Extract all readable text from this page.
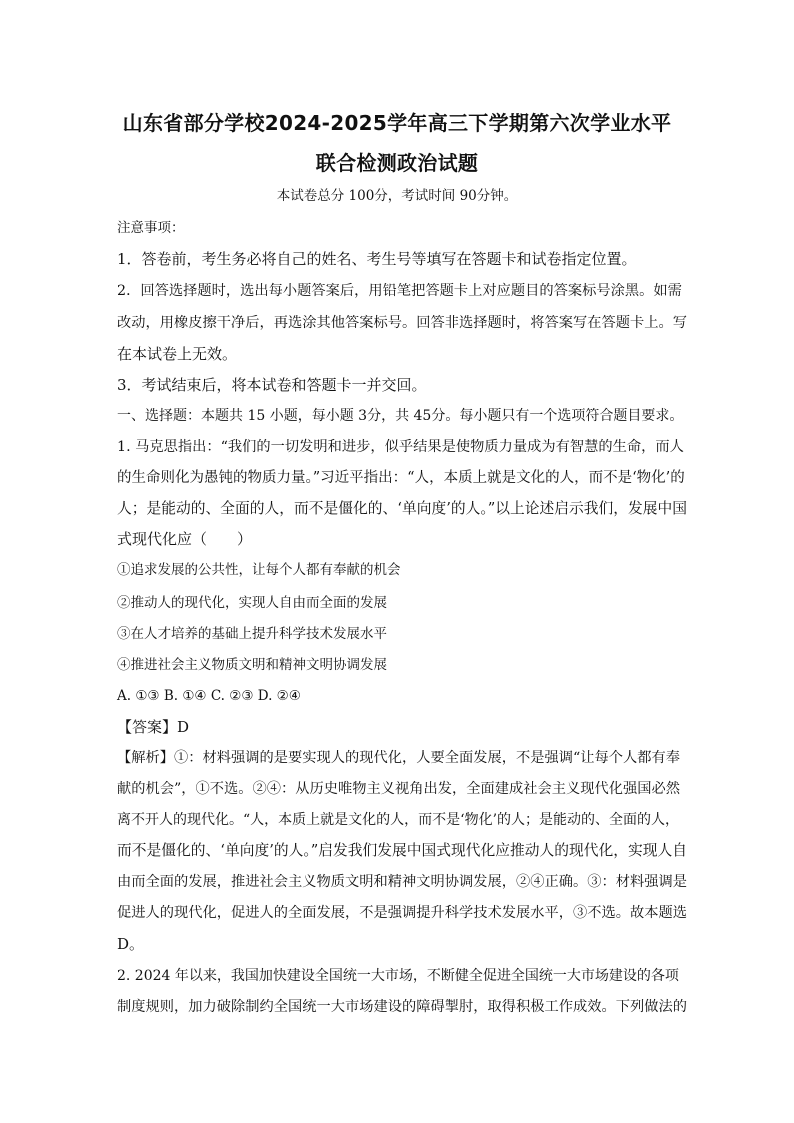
山东省部分学校2024-2025学年高三下学期第六次学业水平
联合检测政治试题
本试卷总分 100分，考试时间 90分钟。
注意事项：
1．答卷前，考生务必将自己的姓名、考生号等填写在答题卡和试卷指定位置。
2．回答选择题时，选出每小题答案后，用铅笔把答题卡上对应题目的答案标号涂黑。如需
改动，用橡皮擦干净后，再选涂其他答案标号。回答非选择题时，将答案写在答题卡上。写
在本试卷上无效。
3．考试结束后，将本试卷和答题卡一并交回。
一、选择题：本题共 15 小题，每小题 3分，共 45分。每小题只有一个选项符合题目要求。
1. 马克思指出：“我们的一切发明和进步，似乎结果是使物质力量成为有智慧的生命，而人
的生命则化为愚钝的物质力量。”习近平指出：“人，本质上就是文化的人，而不是‘物化’的
人；是能动的、全面的人，而不是僵化的、‘单向度’的人。”以上论述启示我们，发展中国
式现代化应（　　）
①追求发展的公共性，让每个人都有奉献的机会
②推动人的现代化，实现人自由而全面的发展
③在人才培养的基础上提升科学技术发展水平
④推进社会主义物质文明和精神文明协调发展
A. ①③ B. ①④ C. ②③ D. ②④
【答案】D
【解析】①：材料强调的是要实现人的现代化，人要全面发展，不是强调“让每个人都有奉
献的机会”，①不选。②④：从历史唯物主义视角出发，全面建成社会主义现代化强国必然
离不开人的现代化。“人，本质上就是文化的人，而不是‘物化’的人；是能动的、全面的人，
而不是僵化的、‘单向度’的人。”启发我们发展中国式现代化应推动人的现代化，实现人自
由而全面的发展，推进社会主义物质文明和精神文明协调发展，②④正确。③：材料强调是
促进人的现代化，促进人的全面发展，不是强调提升科学技术发展水平，③不选。故本题选
D。
2. 2024 年以来，我国加快建设全国统一大市场，不断健全促进全国统一大市场建设的各项
制度规则，加力破除制约全国统一大市场建设的障碍掣肘，取得积极工作成效。下列做法的
